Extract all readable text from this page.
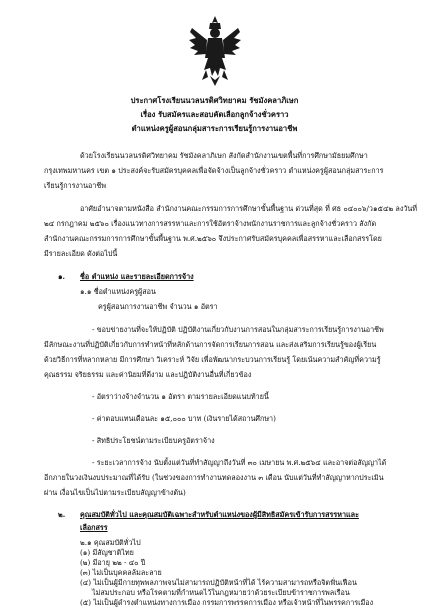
ประกาศโรงเรียนนวลนรดิศวิทยาคม รัชมังคลาภิเษก
เรื่อง รับสมัครและสอบคัดเลือกลูกจ้างชั่วคราว
ตำแหน่งครูผู้สอนกลุ่มสาระการเรียนรู้การงานอาชีพ
ด้วยโรงเรียนนวลนรดิศวิทยาคม รัชมังคลาภิเษก สังกัดสำนักงานเขตพื้นที่การศึกษามัธยมศึกษา
กรุงเทพมหานคร เขต ๑ ประสงค์จะรับสมัครบุคคลเพื่อจัดจ้างเป็นลูกจ้างชั่วคราว ตำแหน่งครูผู้สอนกลุ่มสาระการ
เรียนรู้การงานอาชีพ
อาศัยอำนาจตามหนังสือ สำนักงานคณะกรรมการการศึกษาขั้นพื้นฐาน ด่วนที่สุด ที่ ศธ ๐๔๐๐๖/ว๑๕๔๒ ลงวันที่
๒๔ กรกฎาคม ๒๕๖๐ เรื่องแนวทางการสรรหาและการใช้อัตราจ้างพนักงานราชการและลูกจ้างชั่วคราว สังกัด
สำนักงานคณะกรรมการการศึกษาขั้นพื้นฐาน พ.ศ.๒๕๖๐ จึงประกาศรับสมัครบุคคลเพื่อสรรหาและเลือกสรรโดย
มีรายละเอียด ดังต่อไปนี้
๑. ชื่อ ตำแหน่ง และรายละเอียดการจ้าง
๑.๑ ชื่อตำแหน่งครูผู้สอน
ครูผู้สอนการงานอาชีพ จำนวน ๑ อัตรา
- ขอบข่ายงานที่จะให้ปฏิบัติ ปฏิบัติงานเกี่ยวกับงานการสอนในกลุ่มสาระการเรียนรู้การงานอาชีพ
มีลักษณะงานที่ปฏิบัติเกี่ยวกับการทำหน้าที่หลักด้านการจัดการเรียนการสอน และส่งเสริมการเรียนรู้ของผู้เรียน
ด้วยวิธีการที่หลากหลาย มีการศึกษา วิเคราะห์ วิจัย เพื่อพัฒนากระบวนการเรียนรู้ โดยเน้นความสำคัญที่ความรู้
คุณธรรม จริยธรรม และค่านิยมที่ดีงาม และปฏิบัติงานอื่นที่เกี่ยวข้อง
- อัตราว่างจ้างจำนวน ๑ อัตรา ตามรายละเอียดแนบท้ายนี้
- ค่าตอบแทนเดือนละ ๑๕,๐๐๐ บาท (เงินรายได้สถานศึกษา)
- สิทธิประโยชน์ตามระเบียบครูอัตราจ้าง
- ระยะเวลาการจ้าง นับตั้งแต่วันที่ทำสัญญาถึงวันที่ ๓๐ เมษายน พ.ศ.๒๕๖๔ และอาจต่อสัญญาได้
อีกภายในวงเงินงบประมาณที่ได้รับ (ในช่วงของการทำงานทดลองงาน ๓ เดือน นับแต่วันที่ทำสัญญาหากประเมิน
ผ่าน เงื่อนไขเป็นไปตามระเบียบสัญญาข้างต้น)
๒. คุณสมบัติทั่วไป และคุณสมบัติเฉพาะสำหรับตำแหน่งของผู้มีสิทธิสมัครเข้ารับการสรรหาและ
เลือกสรร
๒.๑ คุณสมบัติทั่วไป
(๑) มีสัญชาติไทย
(๒) มีอายุ ๒๒ - ๔๐ ปี
(๓) ไม่เป็นบุคคลล้มละลาย
(๔) ไม่เป็นผู้มีกายทุพพลภาพจนไม่สามารถปฏิบัติหน้าที่ได้ ไร้ความสามารถหรือจิตฟั่นเฟือน
ไม่สมประกอบ หรือโรคตามที่กำหนดไว้ในกฎหมายว่าด้วยระเบียบข้าราชการพลเรือน
(๕) ไม่เป็นผู้ดำรงตำแหน่งทางการเมือง กรรมการพรรคการเมือง หรือเจ้าหน้าที่ในพรรคการเมือง
